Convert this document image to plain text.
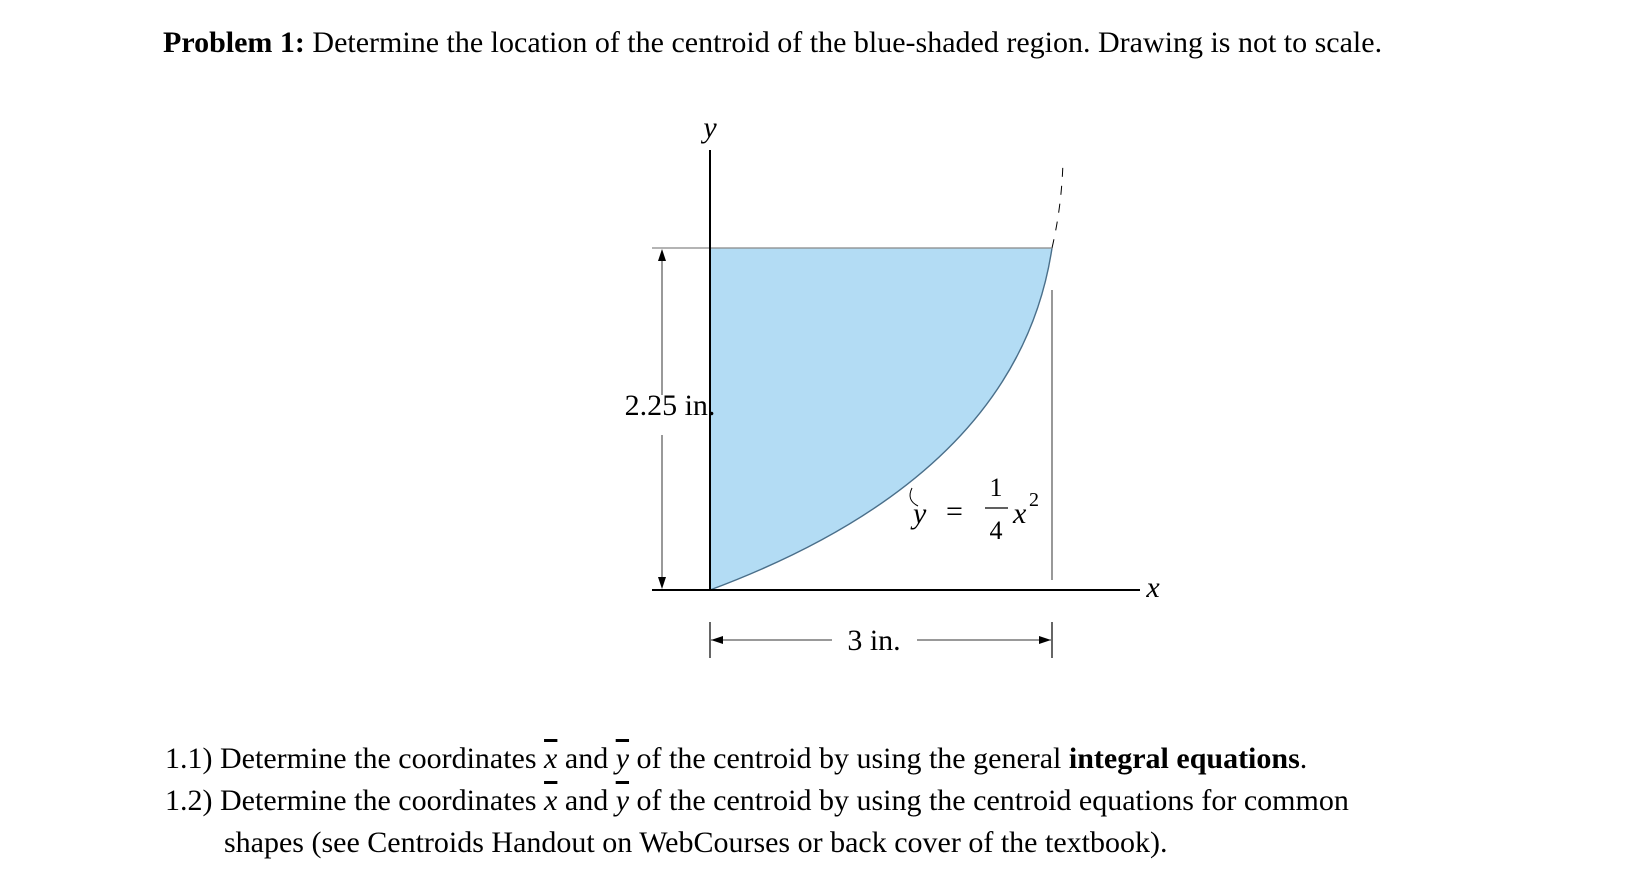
Problem 1: Determine the location of the centroid of the blue-shaded region. Drawing is not to scale.
2.25 in.
3 in.
y
x
y =
1
4
x 2
1.1) Determine the coordinates $\overline{x}$ and $\overline{y}$ of the centroid by using the general integral equations.
1.2) Determine the coordinates $\overline{x}$ and $\overline{y}$ of the centroid by using the centroid equations for common
shapes (see Centroids Handout on WebCourses or back cover of the textbook).
